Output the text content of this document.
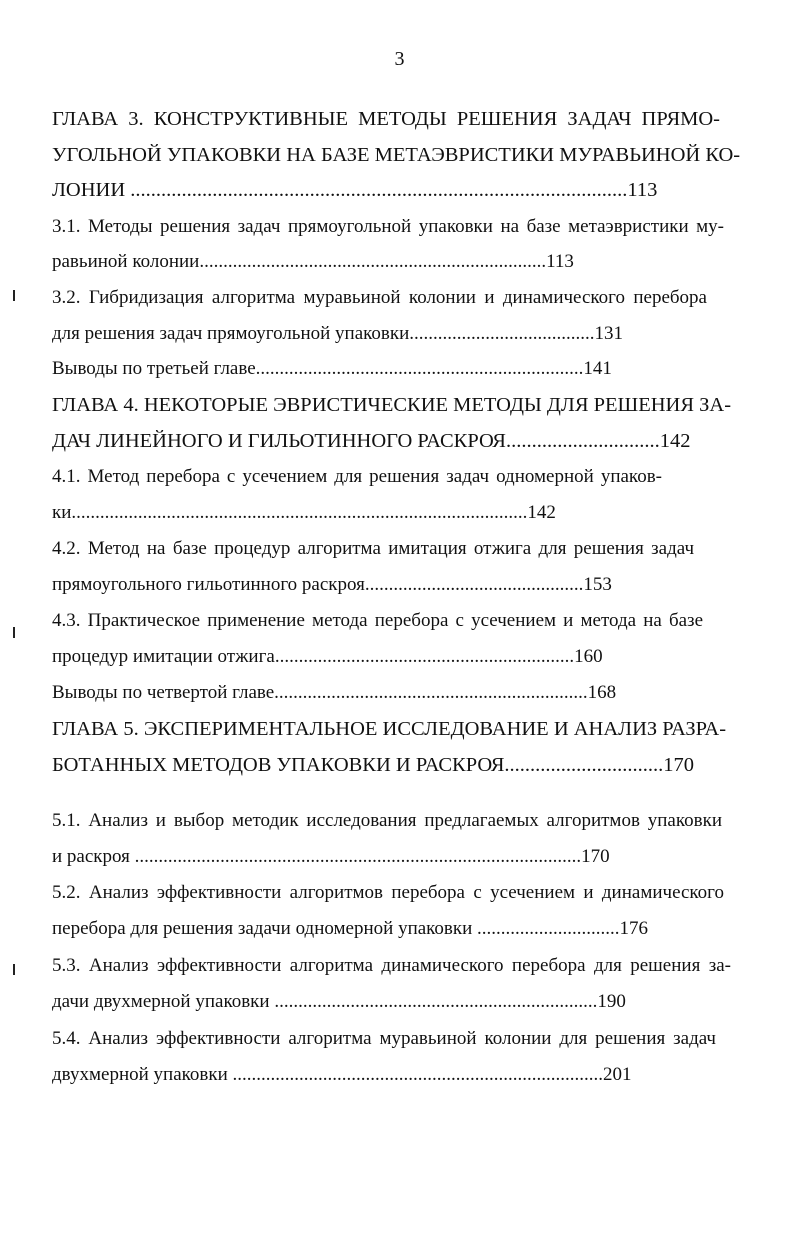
3
ГЛАВА 3. КОНСТРУКТИВНЫЕ МЕТОДЫ РЕШЕНИЯ ЗАДАЧ ПРЯМО-
УГОЛЬНОЙ УПАКОВКИ НА БАЗЕ МЕТАЭВРИСТИКИ МУРАВЬИНОЙ КО-
ЛОНИИ .................................................................................................113
3.1. Методы решения задач прямоугольной упаковки на базе метаэвристики му-
равьиной колонии.........................................................................113
3.2. Гибридизация алгоритма муравьиной колонии и динамического перебора
для решения задач прямоугольной упаковки.......................................131
Выводы по третьей главе.....................................................................141
ГЛАВА 4. НЕКОТОРЫЕ ЭВРИСТИЧЕСКИЕ МЕТОДЫ ДЛЯ РЕШЕНИЯ ЗА-
ДАЧ ЛИНЕЙНОГО И ГИЛЬОТИННОГО РАСКРОЯ..............................142
4.1. Метод перебора с усечением для решения задач одномерной упаков-
ки................................................................................................142
4.2. Метод на базе процедур алгоритма имитация отжига для решения задач
прямоугольного гильотинного раскроя..............................................153
4.3. Практическое применение метода перебора с усечением и метода на базе
процедур имитации отжига...............................................................160
Выводы по четвертой главе..................................................................168
ГЛАВА 5. ЭКСПЕРИМЕНТАЛЬНОЕ ИССЛЕДОВАНИЕ И АНАЛИЗ РАЗРА-
БОТАННЫХ МЕТОДОВ УПАКОВКИ И РАСКРОЯ...............................170
5.1. Анализ и выбор методик исследования предлагаемых алгоритмов упаковки
и раскроя ..............................................................................................170
5.2. Анализ эффективности алгоритмов перебора с усечением и динамического
перебора для решения задачи одномерной упаковки ..............................176
5.3. Анализ эффективности алгоритма динамического перебора для решения за-
дачи двухмерной упаковки ....................................................................190
5.4. Анализ эффективности алгоритма муравьиной колонии для решения задач
двухмерной упаковки ..............................................................................201
